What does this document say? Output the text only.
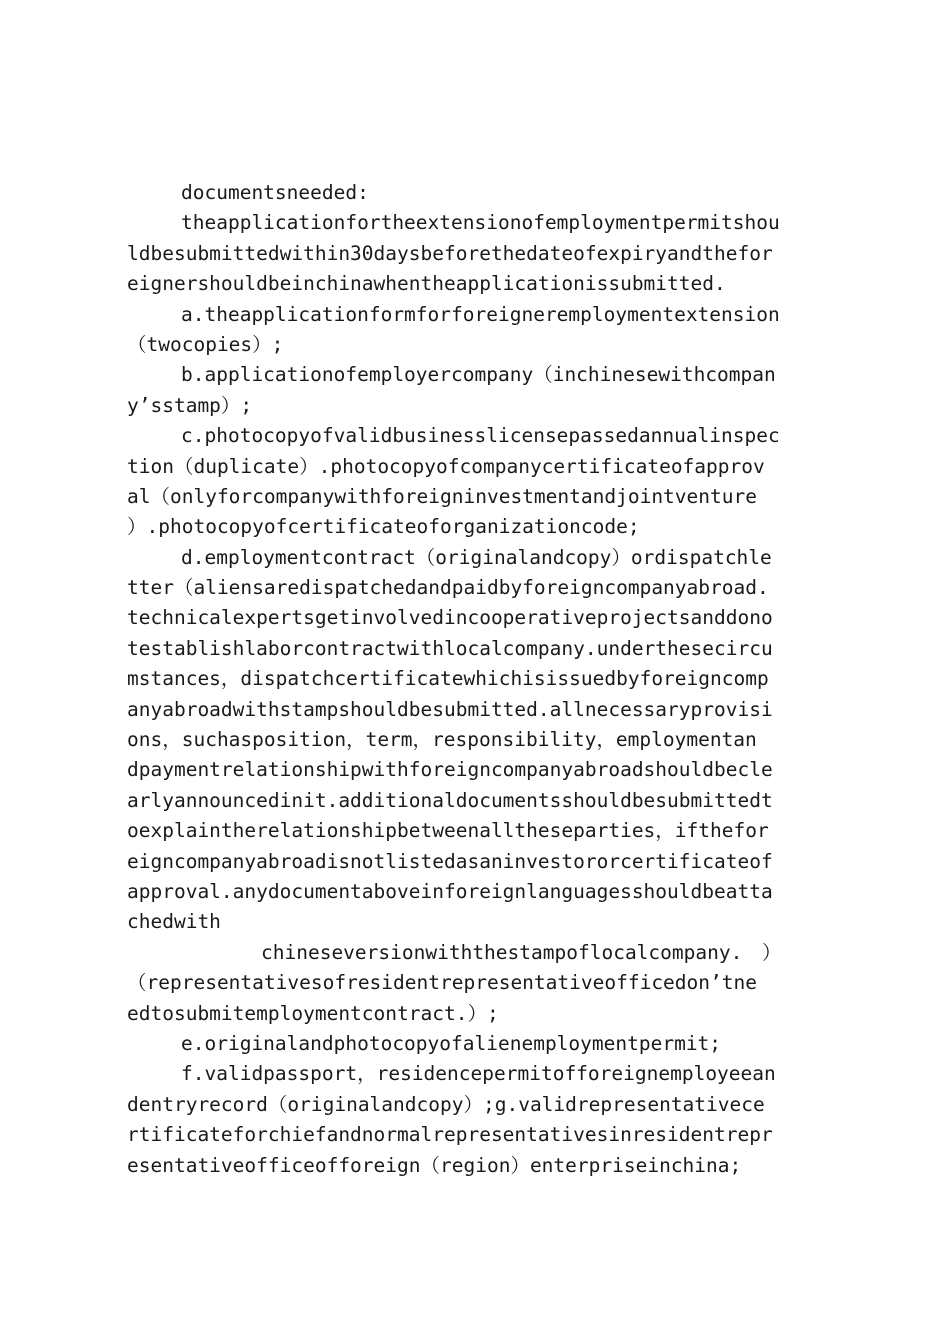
documentsneeded:
theapplicationfortheextensionofemploymentpermitshou
ldbesubmittedwithin30daysbeforethedateofexpiryandthefor
eignershouldbeinchinawhentheapplicationissubmitted.
a.theapplicationformforforeigneremploymentextension
（twocopies）;
b.applicationofemployercompany（inchinesewithcompan
y’sstamp）;
c.photocopyofvalidbusinesslicensepassedannualinspec
tion（duplicate）.photocopyofcompanycertificateofapprov
al（onlyforcompanywithforeigninvestmentandjointventure
）.photocopyofcertificateoforganizationcode;
d.employmentcontract（originalandcopy）ordispatchle
tter（aliensaredispatchedandpaidbyforeigncompanyabroad.
technicalexpertsgetinvolvedincooperativeprojectsanddono
testablishlaborcontractwithlocalcompany.underthesecircu
mstances，dispatchcertificatewhichisissuedbyforeigncomp
anyabroadwithstampshouldbesubmitted.allnecessaryprovisi
ons，suchasposition，term，responsibility，employmentan
dpaymentrelationshipwithforeigncompanyabroadshouldbecle
arlyannouncedinit.additionaldocumentsshouldbesubmittedt
oexplaintherelationshipbetweenalltheseparties，ifthefor
eigncompanyabroadisnotlistedasaninvestororcertificateof
approval.anydocumentaboveinforeignlanguagesshouldbeatta
chedwith
chineseversionwiththestampoflocalcompany.　）
（representativesofresidentrepresentativeofficedon’tne
edtosubmitemploymentcontract.）;
e.originalandphotocopyofalienemploymentpermit;
f.validpassport，residencepermitofforeignemployeean
dentryrecord（originalandcopy）;g.validrepresentativece
rtificateforchiefandnormalrepresentativesinresidentrepr
esentativeofficeofforeign（region）enterpriseinchina;
